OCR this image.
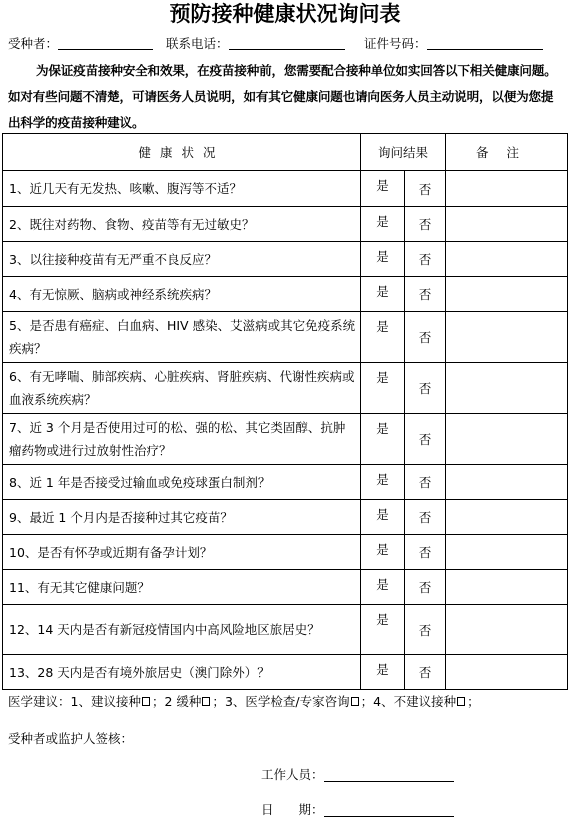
预防接种健康状况询问表
受种者：	联系电话：	证件号码：

为保证疫苗接种安全和效果，在疫苗接种前，您需要配合接种单位如实回答以下相关健康问题。如对有些问题不清楚，可请医务人员说明，如有其它健康问题也请向医务人员主动说明，以便为您提出科学的疫苗接种建议。

健康状况	询问结果		备注
1、近几天有无发热、咳嗽、腹泻等不适？	是	否	
2、既往对药物、食物、疫苗等有无过敏史？	是	否	
3、以往接种疫苗有无严重不良反应？	是	否	
4、有无惊厥、脑病或神经系统疾病？	是	否	
5、是否患有癌症、白血病、HIV 感染、艾滋病或其它免疫系统疾病？	是	否	
6、有无哮喘、肺部疾病、心脏疾病、肾脏疾病、代谢性疾病或血液系统疾病？	是	否	
7、近 3 个月是否使用过可的松、强的松、其它类固醇、抗肿瘤药物或进行过放射性治疗？	是	否	
8、近 1 年是否接受过输血或免疫球蛋白制剂？	是	否	
9、最近 1 个月内是否接种过其它疫苗？	是	否	
10、是否有怀孕或近期有备孕计划？	是	否	
11、有无其它健康问题？	是	否	
12、14 天内是否有新冠疫情国内中高风险地区旅居史？	是	否	
13、28 天内是否有境外旅居史（澳门除外）？	是	否	
医学建议：1、建议接种 ；2 缓种 ；3、医学检查/专家咨询 ；4、不建议接种 ；
受种者或监护人签核：
工作人员：
日　　期：
